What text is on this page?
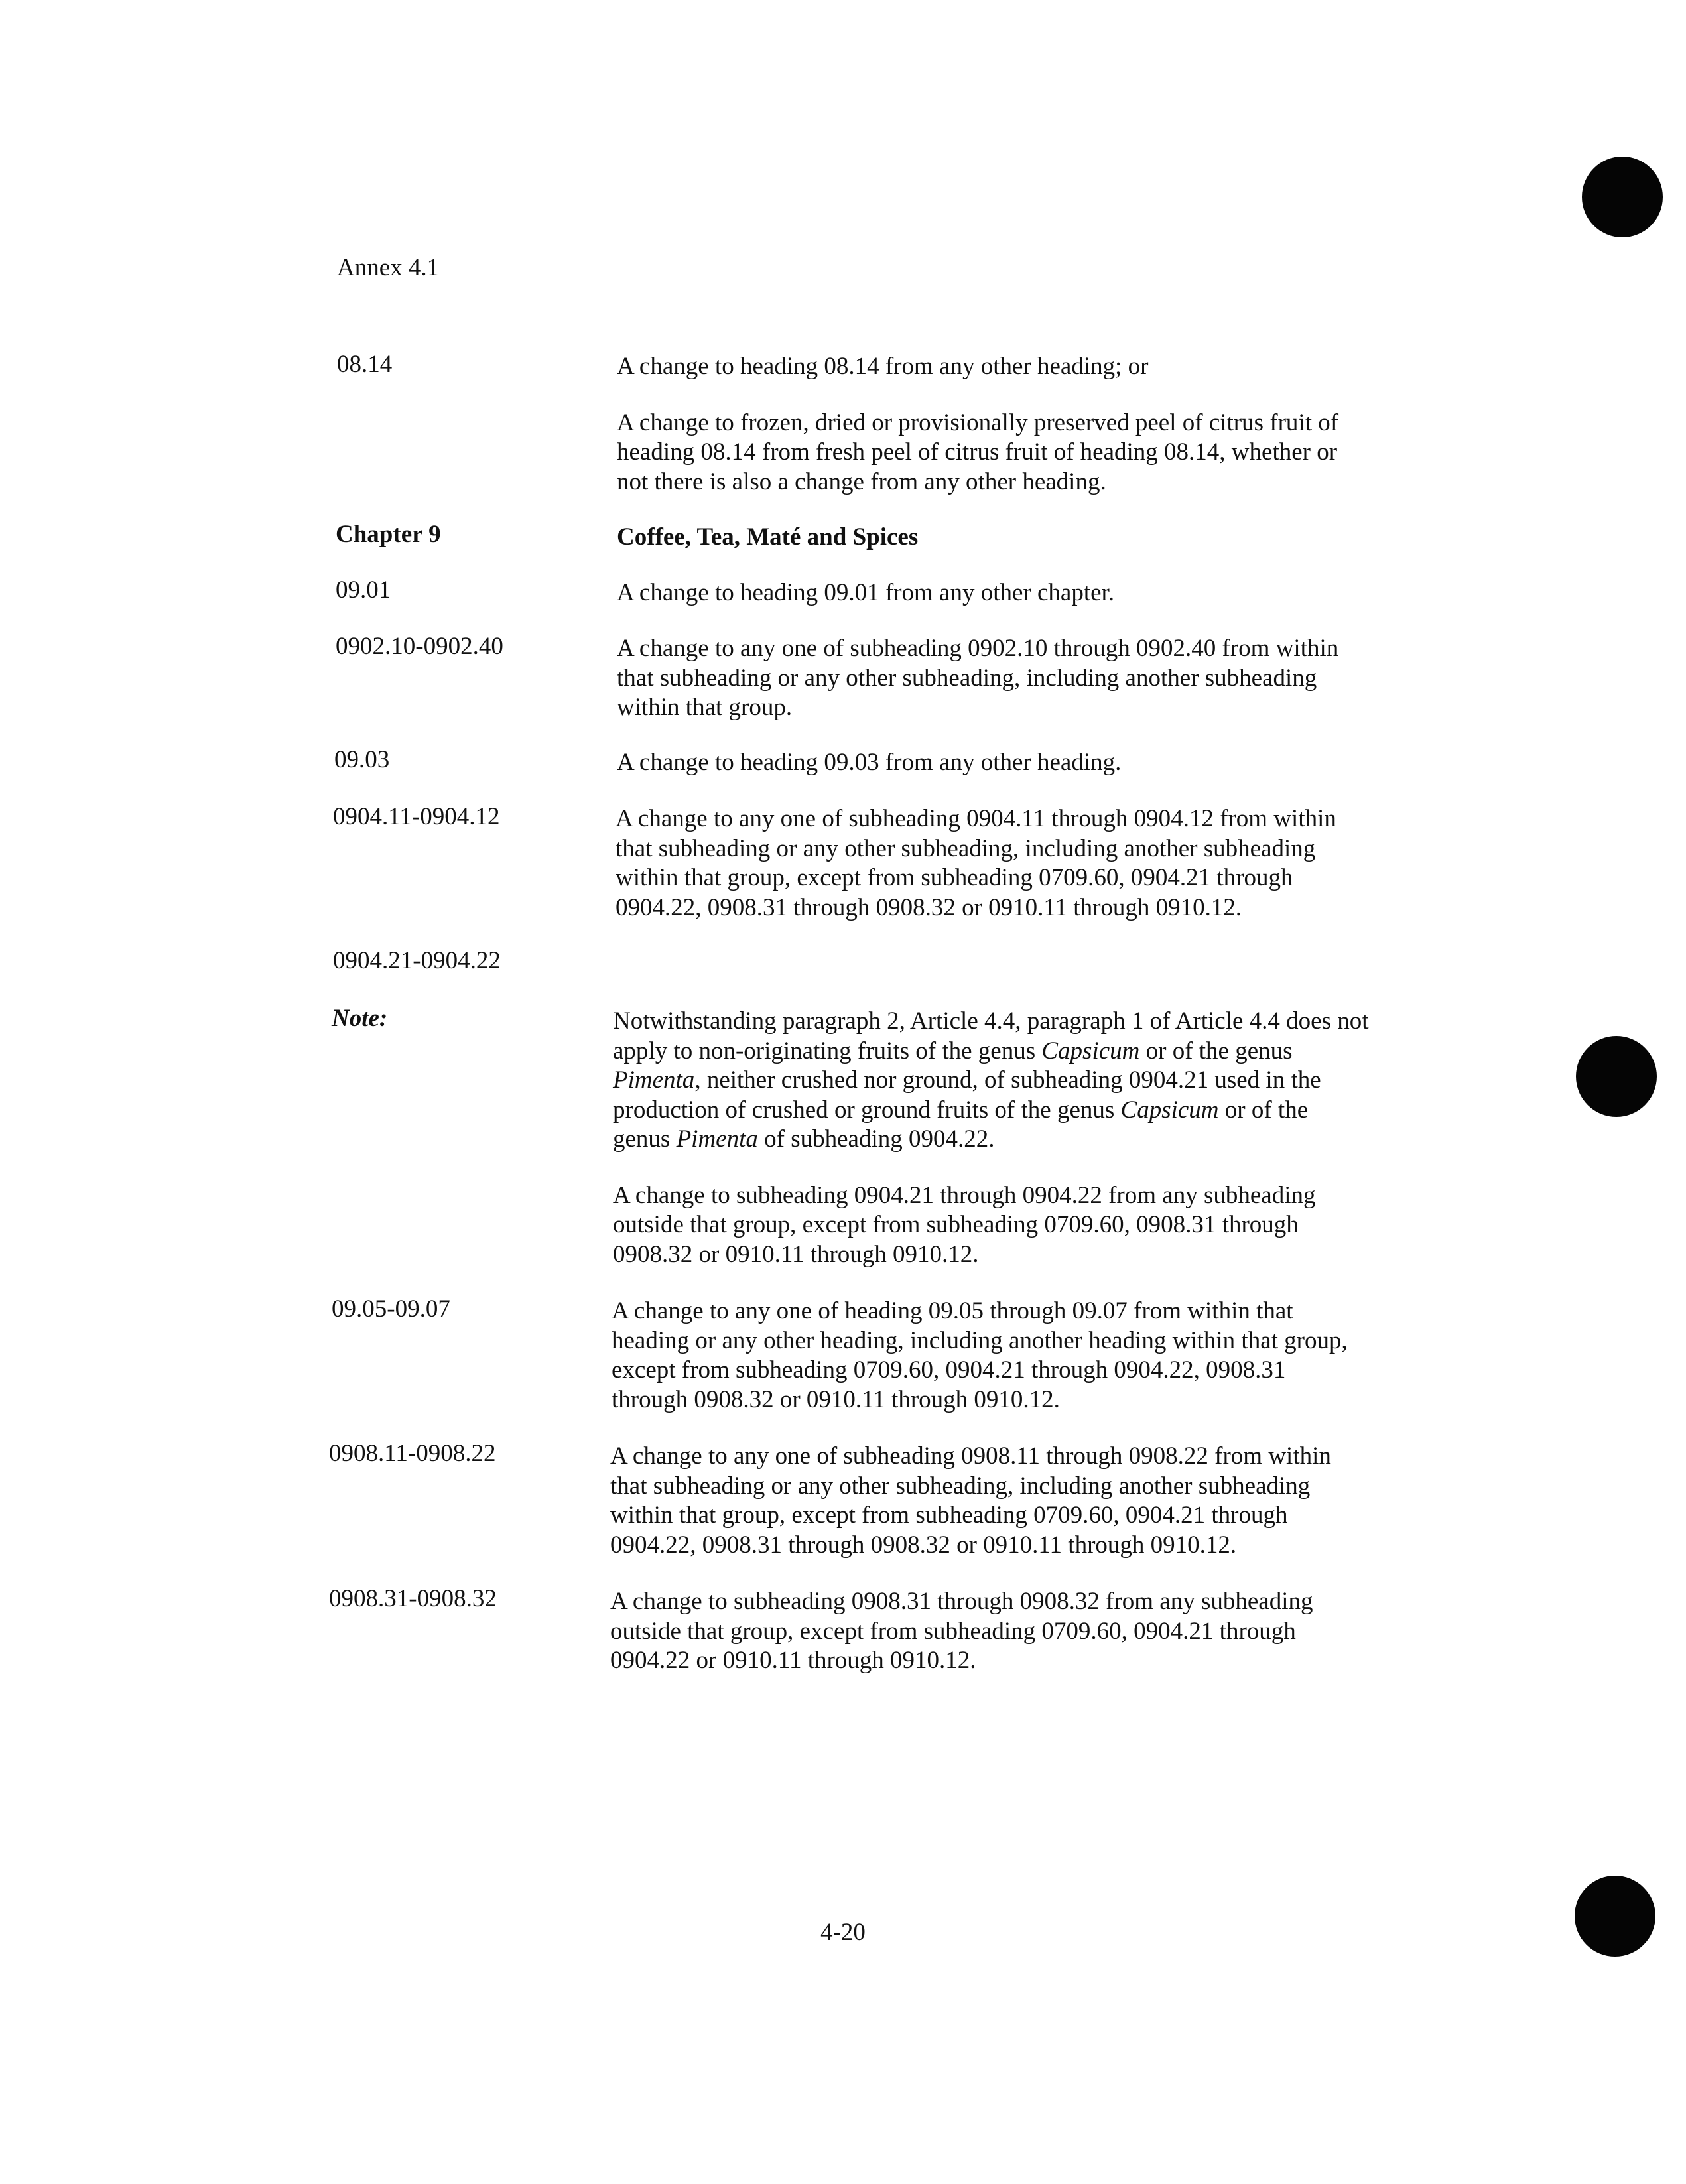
Annex 4.1
08.14	A change to heading 08.14 from any other heading; or

A change to frozen, dried or provisionally preserved peel of citrus fruit of heading 08.14 from fresh peel of citrus fruit of heading 08.14, whether or not there is also a change from any other heading.

Chapter 9	Coffee, Tea, Maté and Spices
09.01	A change to heading 09.01 from any other chapter.

0902.10-0902.40	A change to any one of subheading 0902.10 through 0902.40 from within that subheading or any other subheading, including another subheading within that group.

09.03	A change to heading 09.03 from any other heading.

0904.11-0904.12	A change to any one of subheading 0904.11 through 0904.12 from within that subheading or any other subheading, including another subheading within that group, except from subheading 0709.60, 0904.21 through 0904.22, 0908.31 through 0908.32 or 0910.11 through 0910.12.

0904.21-0904.22
Note:	Notwithstanding paragraph 2, Article 4.4, paragraph 1 of Article 4.4 does not apply to non-originating fruits of the genus Capsicum or of the genus Pimenta, neither crushed nor ground, of subheading 0904.21 used in the production of crushed or ground fruits of the genus Capsicum or of the genus Pimenta of subheading 0904.22.

A change to subheading 0904.21 through 0904.22 from any subheading outside that group, except from subheading 0709.60, 0908.31 through 0908.32 or 0910.11 through 0910.12.

09.05-09.07	A change to any one of heading 09.05 through 09.07 from within that heading or any other heading, including another heading within that group, except from subheading 0709.60, 0904.21 through 0904.22, 0908.31 through 0908.32 or 0910.11 through 0910.12.

0908.11-0908.22	A change to any one of subheading 0908.11 through 0908.22 from within that subheading or any other subheading, including another subheading within that group, except from subheading 0709.60, 0904.21 through 0904.22, 0908.31 through 0908.32 or 0910.11 through 0910.12.

0908.31-0908.32	A change to subheading 0908.31 through 0908.32 from any subheading outside that group, except from subheading 0709.60, 0904.21 through 0904.22 or 0910.11 through 0910.12.

4-20
